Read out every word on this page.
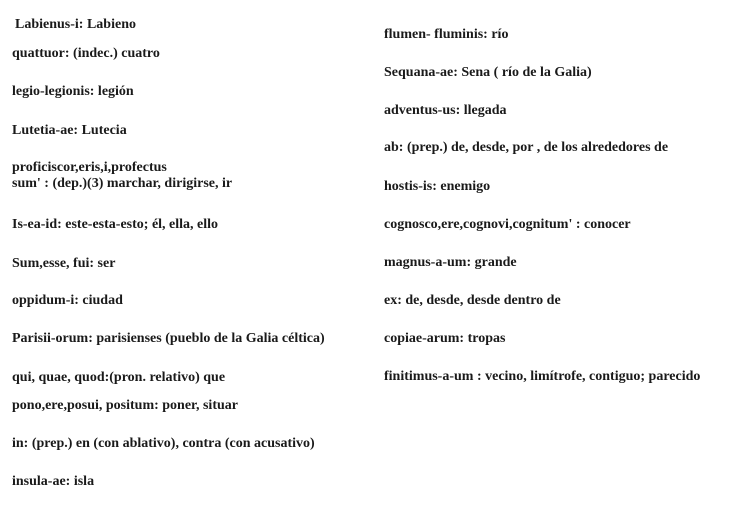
Labienus-i: Labieno
quattuor: (indec.) cuatro
legio-legionis: legión
Lutetia-ae: Lutecia
proficiscor,eris,i,profectus
sum' : (dep.)(3) marchar, dirigirse, ir
Is-ea-id: este-esta-esto; él, ella, ello
Sum,esse, fui: ser
oppidum-i: ciudad
Parisii-orum: parisienses (pueblo de la Galia céltica)
qui, quae, quod:(pron. relativo) que
pono,ere,posui, positum: poner, situar
in: (prep.) en (con ablativo), contra (con acusativo)
insula-ae: isla
flumen- fluminis: río
Sequana-ae: Sena ( río de la Galia)
adventus-us: llegada
ab: (prep.) de, desde, por , de los alrededores de
hostis-is: enemigo
cognosco,ere,cognovi,cognitum' : conocer
magnus-a-um: grande
ex: de, desde, desde dentro de
copiae-arum: tropas
finitimus-a-um : vecino, limítrofe, contiguo; parecido
